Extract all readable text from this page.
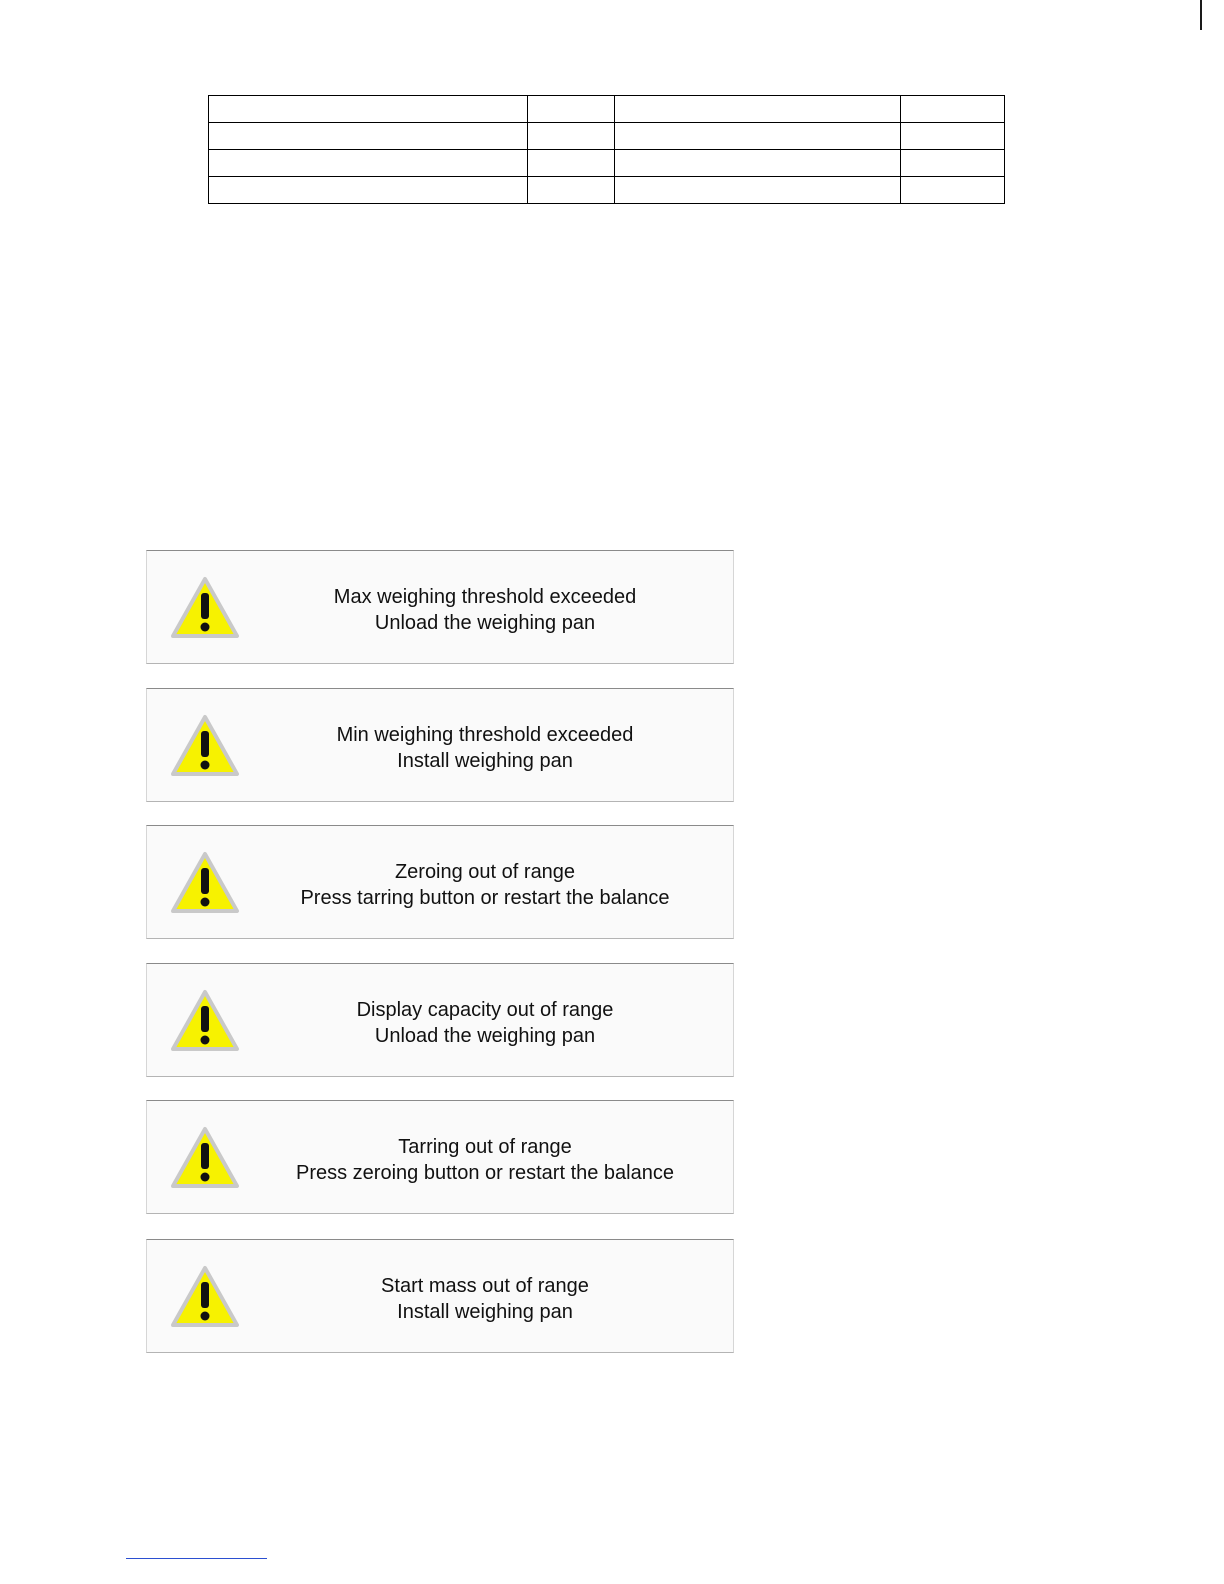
Max weighing threshold exceeded
Unload the weighing pan
Min weighing threshold exceeded
Install weighing pan
Zeroing out of range
Press tarring button or restart the balance
Display capacity out of range
Unload the weighing pan
Tarring out of range
Press zeroing button or restart the balance
Start mass out of range
Install weighing pan
